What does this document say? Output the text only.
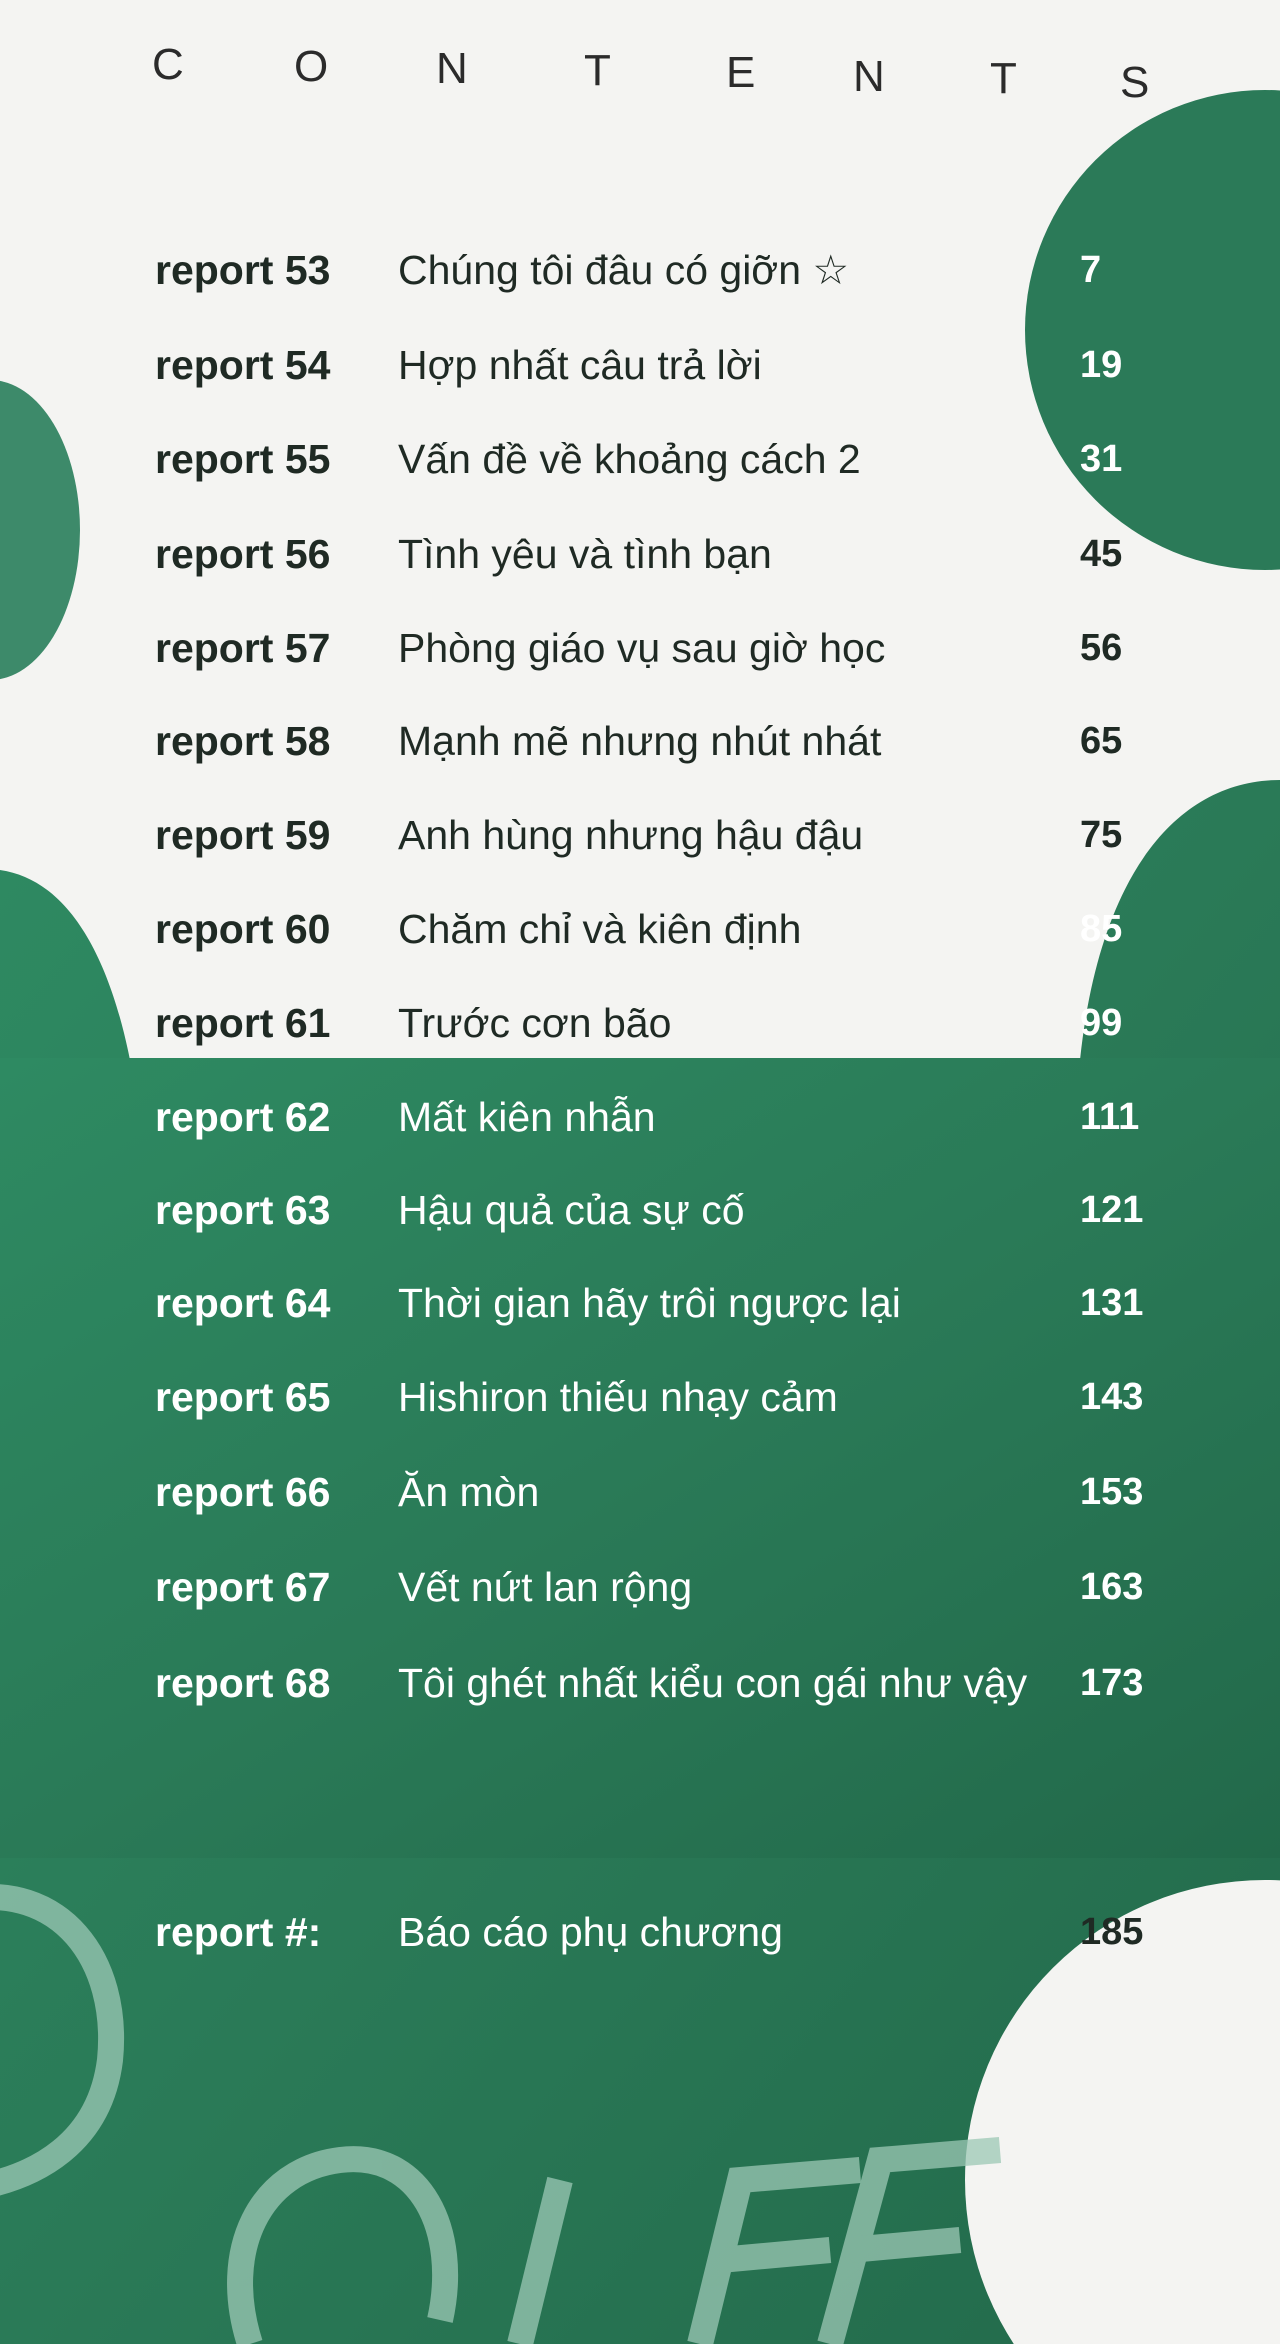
C	O N	T	E N T S
report 53 Chúng tôi đâu có giỡn ☆	7
report 54 Hợp nhất câu trả lời	19
report 55 Vấn đề về khoảng cách 2	31
report 56 Tình yêu và tình bạn	45
report 57 Phòng giáo vụ sau giờ học	56
report 58 Mạnh mẽ nhưng nhút nhát	65
report 59 Anh hùng nhưng hậu đậu	75
report 60 Chăm chỉ và kiên định	85
report 61 Trước cơn bão	99
report 62 Mất kiên nhẫn	111
report 63 Hậu quả của sự cố	121
report 64 Thời gian hãy trôi ngược lại	131
report 65 Hishiron thiếu nhạy cảm	143
report 66 Ăn mòn	153
report 67 Vết nứt lan rộng	163
report 68 Tôi ghét nhất kiểu con gái như vậy 173
report #: Báo cáo phụ chương	185
